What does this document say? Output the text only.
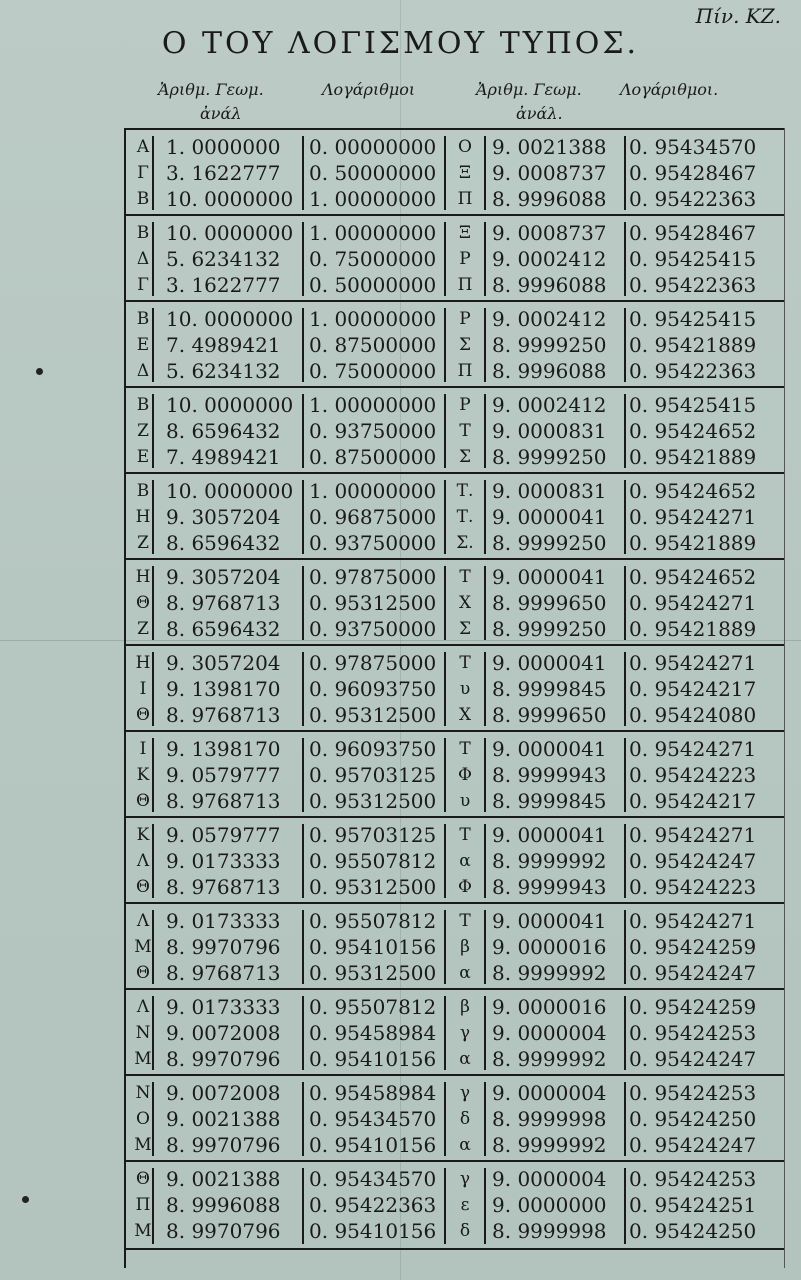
Πίν. ΚΖ.
Ο ΤΟΥ ΛΟΓΙΣΜΟΥ ΤΥΠΟΣ.
Ἀριθμ. Γεωμ.
ἀνάλ
Λογάριθμοι	Ἀριθμ. Γεωμ.
ἀνάλ.
Λογάριθμοι.
Α 1. 0000000 0. 00000000	Ο	9. 0021388 0. 95434570
Γ 3. 1622777 0. 50000000	Ξ	9. 0008737 0. 95428467
Β 10. 0000000 1. 00000000	Π 8. 9996088 0. 95422363
Β 10. 0000000 1. 00000000	Ξ	9. 0008737 0. 95428467
Δ 5. 6234132 0. 75000000	Ρ	9. 0002412 0. 95425415
Γ 3. 1622777 0. 50000000	Π 8. 9996088 0. 95422363
Β 10. 0000000 1. 00000000	Ρ	9. 0002412 0. 95425415
Ε 7. 4989421 0. 87500000	Σ	8. 9999250 0. 95421889
Δ 5. 6234132 0. 75000000	Π 8. 9996088 0. 95422363
Β 10. 0000000 1. 00000000	Ρ	9. 0002412 0. 95425415
Ζ 8. 6596432 0. 93750000	Τ	9. 0000831 0. 95424652
Ε 7. 4989421 0. 87500000	Σ	8. 9999250 0. 95421889
Β 10. 0000000 1. 00000000	Τ. 9. 0000831 0. 95424652
Η 9. 3057204 0. 96875000	Τ. 9. 0000041 0. 95424271
Ζ 8. 6596432 0. 93750000	Σ. 8. 9999250 0. 95421889
Η 9. 3057204 0. 97875000	Τ	9. 0000041 0. 95424652
Θ 8. 9768713 0. 95312500	Χ	8. 9999650 0. 95424271
Ζ 8. 6596432 0. 93750000	Σ	8. 9999250 0. 95421889
Η 9. 3057204 0. 97875000	Τ	9. 0000041 0. 95424271
Ι 9. 1398170 0. 96093750	υ	8. 9999845 0. 95424217
Θ 8. 9768713 0. 95312500	Χ	8. 9999650 0. 95424080
Ι 9. 1398170 0. 96093750	Τ	9. 0000041 0. 95424271
Κ 9. 0579777 0. 95703125	Φ	8. 9999943 0. 95424223
Θ 8. 9768713 0. 95312500	υ	8. 9999845 0. 95424217
Κ 9. 0579777 0. 95703125	Τ	9. 0000041 0. 95424271
Λ 9. 0173333 0. 95507812	α	8. 9999992 0. 95424247
Θ 8. 9768713 0. 95312500	Φ	8. 9999943 0. 95424223
Λ 9. 0173333 0. 95507812	Τ	9. 0000041 0. 95424271
Μ 8. 9970796 0. 95410156	β	9. 0000016 0. 95424259
Θ 8. 9768713 0. 95312500	α	8. 9999992 0. 95424247
Λ 9. 0173333 0. 95507812	β	9. 0000016 0. 95424259
Ν 9. 0072008 0. 95458984	γ	9. 0000004 0. 95424253
Μ 8. 9970796 0. 95410156	α	8. 9999992 0. 95424247
Ν 9. 0072008 0. 95458984	γ	9. 0000004 0. 95424253
Ο 9. 0021388 0. 95434570	δ	8. 9999998 0. 95424250
Μ 8. 9970796 0. 95410156	α	8. 9999992 0. 95424247
Θ 9. 0021388 0. 95434570	γ	9. 0000004 0. 95424253
Π 8. 9996088 0. 95422363	ε	9. 0000000 0. 95424251
Μ 8. 9970796 0. 95410156	δ	8. 9999998 0. 95424250
